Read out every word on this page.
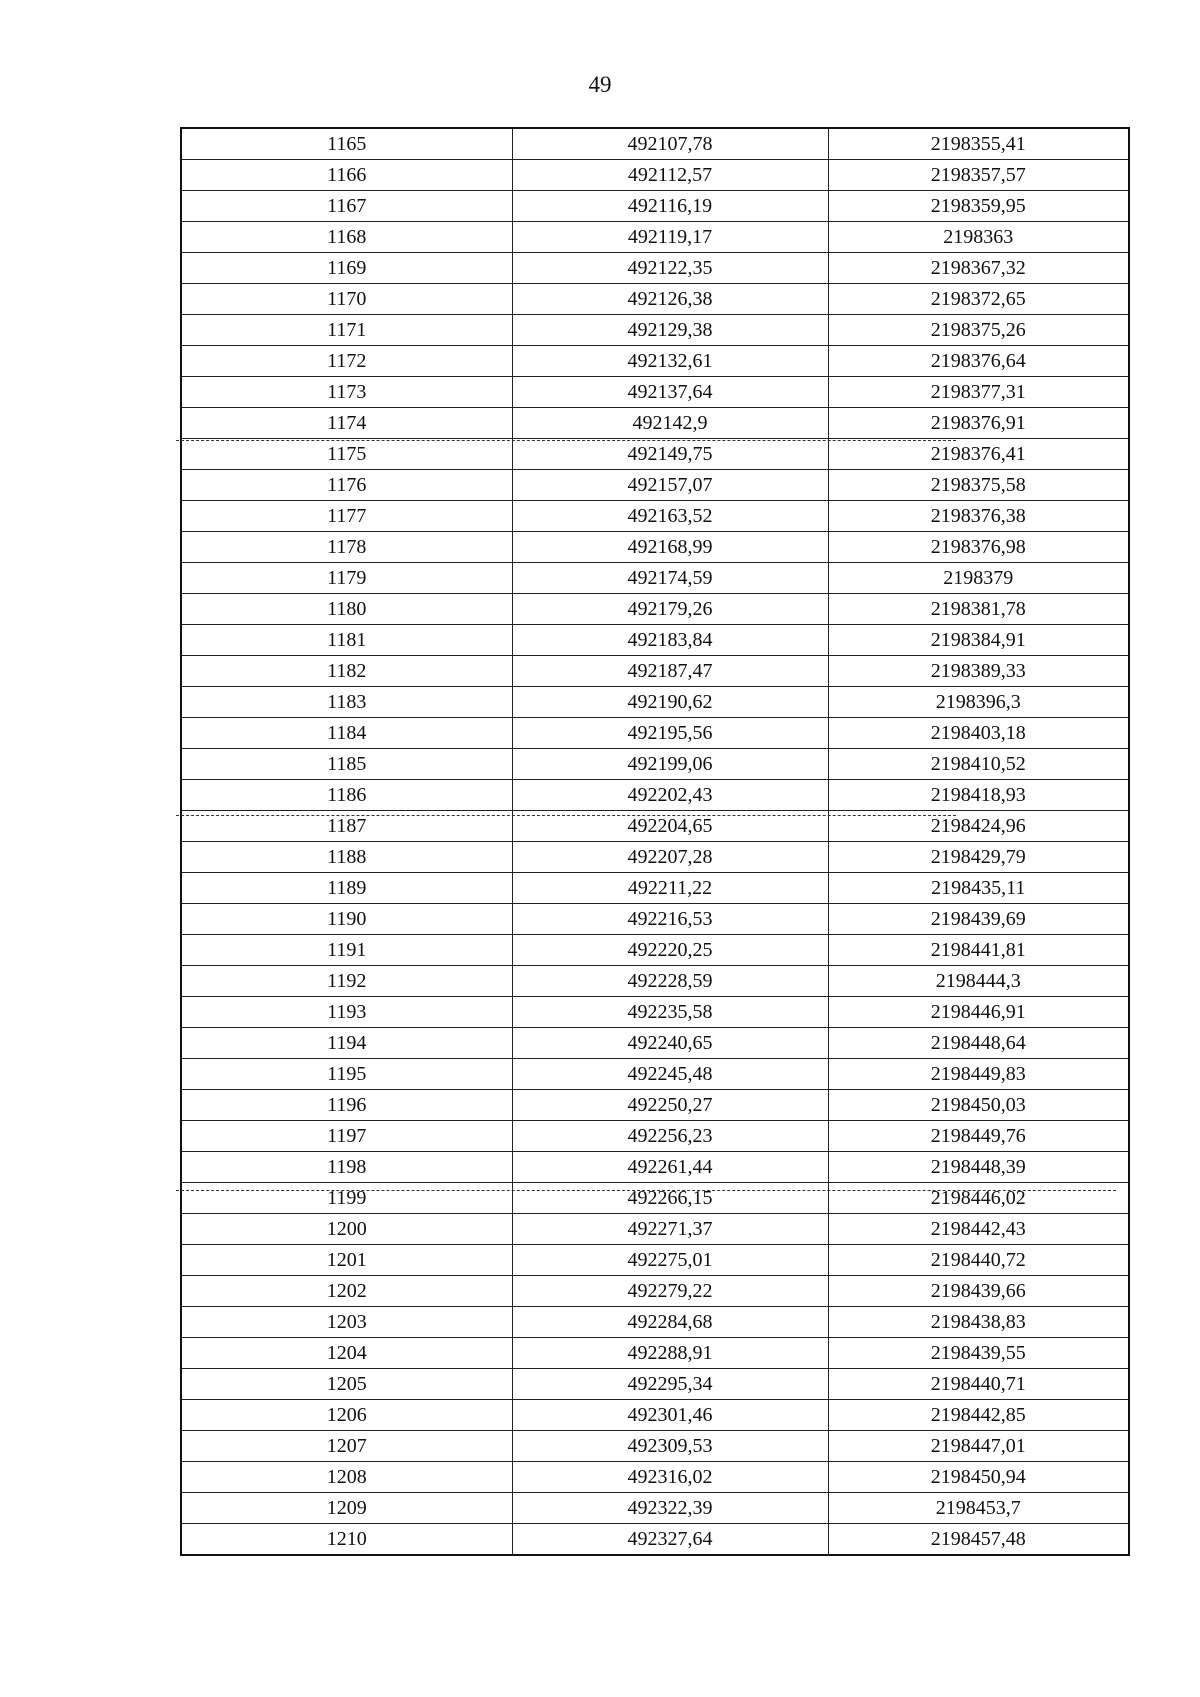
49
1165	492107,78	2198355,41
1166	492112,57	2198357,57
1167	492116,19	2198359,95
1168	492119,17	2198363
1169	492122,35	2198367,32
1170	492126,38	2198372,65
1171	492129,38	2198375,26
1172	492132,61	2198376,64
1173	492137,64	2198377,31
1174	492142,9	2198376,91
1175	492149,75	2198376,41
1176	492157,07	2198375,58
1177	492163,52	2198376,38
1178	492168,99	2198376,98
1179	492174,59	2198379
1180	492179,26	2198381,78
1181	492183,84	2198384,91
1182	492187,47	2198389,33
1183	492190,62	2198396,3
1184	492195,56	2198403,18
1185	492199,06	2198410,52
1186	492202,43	2198418,93
1187	492204,65	2198424,96
1188	492207,28	2198429,79
1189	492211,22	2198435,11
1190	492216,53	2198439,69
1191	492220,25	2198441,81
1192	492228,59	2198444,3
1193	492235,58	2198446,91
1194	492240,65	2198448,64
1195	492245,48	2198449,83
1196	492250,27	2198450,03
1197	492256,23	2198449,76
1198	492261,44	2198448,39
1199	492266,15	2198446,02
1200	492271,37	2198442,43
1201	492275,01	2198440,72
1202	492279,22	2198439,66
1203	492284,68	2198438,83
1204	492288,91	2198439,55
1205	492295,34	2198440,71
1206	492301,46	2198442,85
1207	492309,53	2198447,01
1208	492316,02	2198450,94
1209	492322,39	2198453,7
1210	492327,64	2198457,48
